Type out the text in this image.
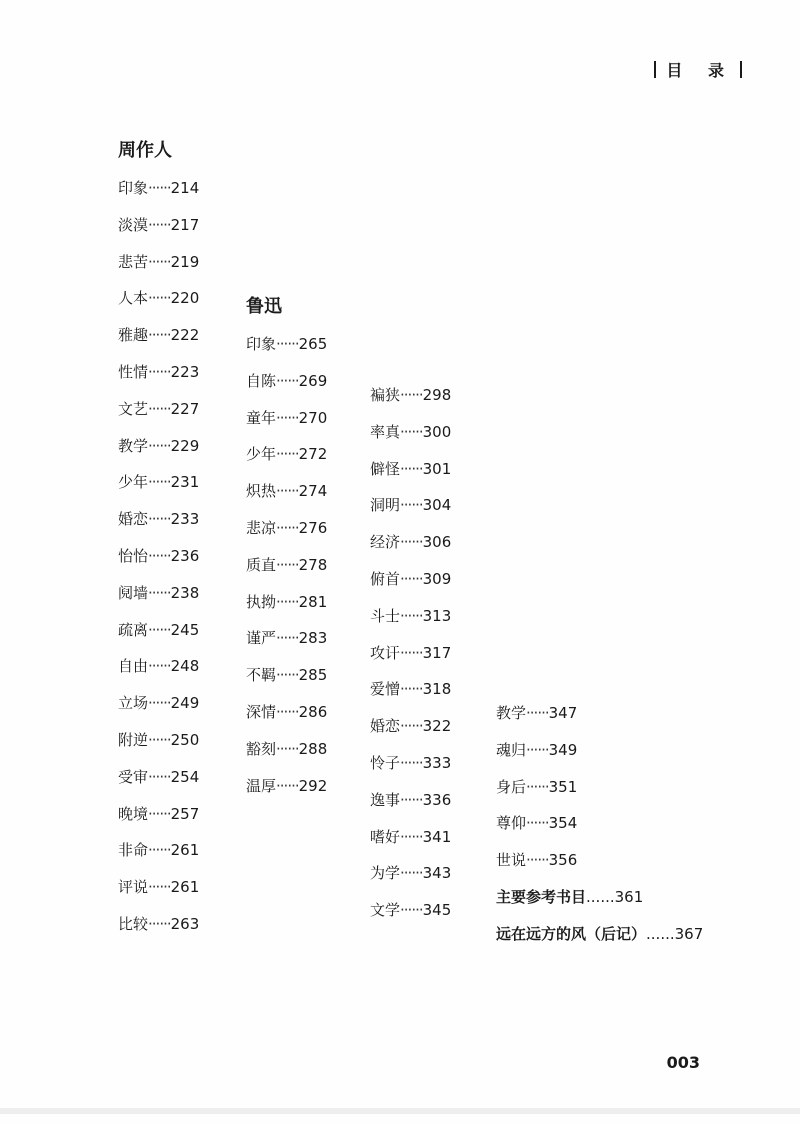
目 录
周作人
印象······214
淡漠······217
悲苦······219
人本······220
雅趣······222
性情······223
文艺······227
教学······229
少年······231
婚恋······233
怡怡······236
阋墙······238
疏离······245
自由······248
立场······249
附逆······250
受审······254
晚境······257
非命······261
评说······261
比较······263
鲁迅
印象······265
自陈······269
童年······270
少年······272
炽热······274
悲凉······276
质直······278
执拗······281
谨严······283
不羁······285
深情······286
豁刻······288
温厚······292
褊狭······298
率真······300
僻怪······301
洞明······304
经济······306
俯首······309
斗士······313
攻讦······317
爱憎······318
婚恋······322
怜子······333
逸事······336
嗜好······341
为学······343
文学······345
教学······347
魂归······349
身后······351
尊仰······354
世说······356
主要参考书目......361
远在远方的风（后记）......367
003
